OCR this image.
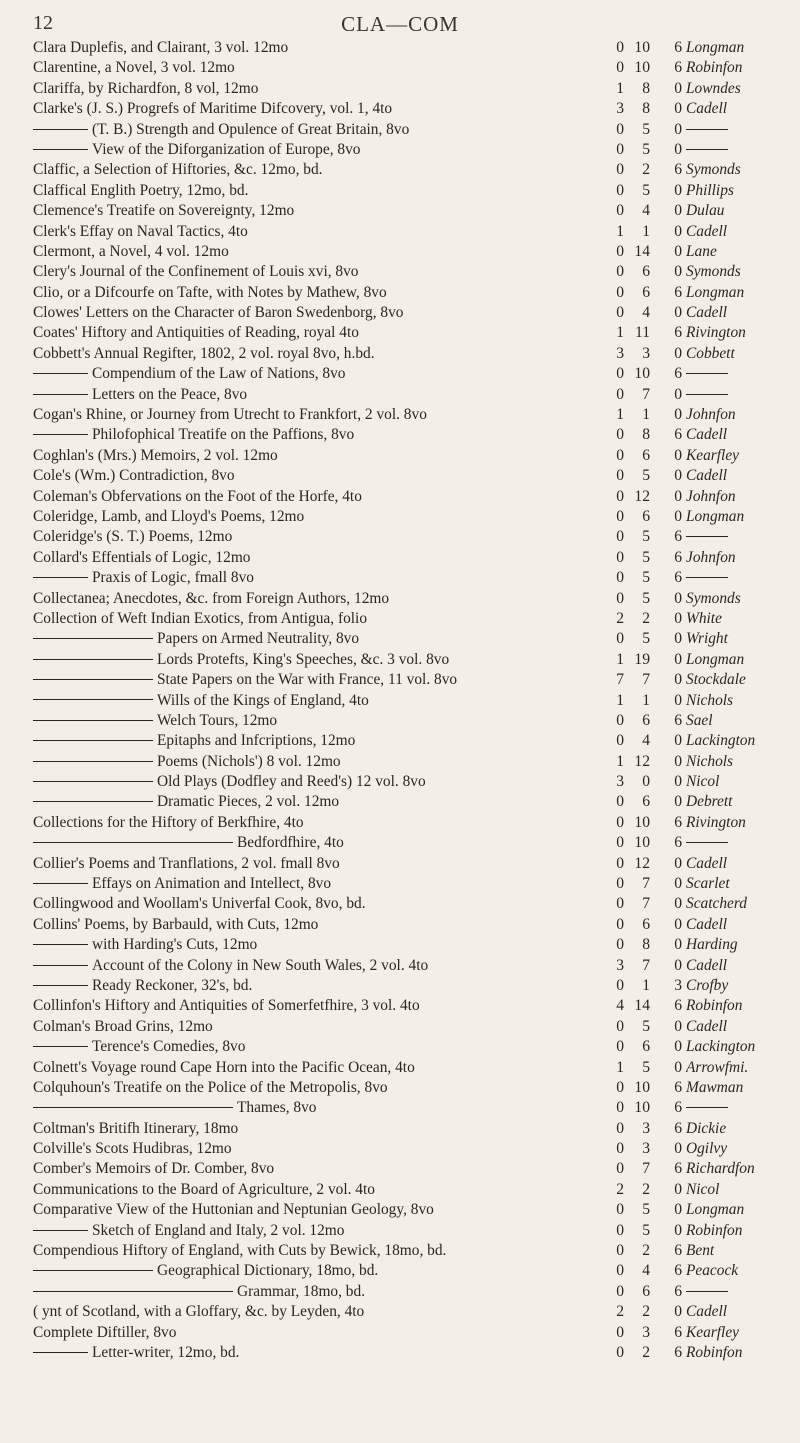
12	CLA—COM
Clara Duplefis, and Clairant, 3 vol. 12mo	0 10	6 Longman
Clarentine, a Novel, 3 vol. 12mo	0 10	6 Robinfon
Clariffa, by Richardfon, 8 vol, 12mo	1	8	0 Lowndes
Clarke's (J. S.) Progrefs of Maritime Difcovery, vol. 1, 4to	3	8	0 Cadell
(T. B.) Strength and Opulence of Great Britain, 8vo	0	5	0
View of the Diforganization of Europe, 8vo	0	5	0
Claffic, a Selection of Hiftories, &c. 12mo, bd.	0	2	6 Symonds
Claffical Englith Poetry, 12mo, bd.	0	5	0 Phillips
Clemence's Treatife on Sovereignty, 12mo	0	4	0 Dulau
Clerk's Effay on Naval Tactics, 4to	1	1	0 Cadell
Clermont, a Novel, 4 vol. 12mo	0 14	0 Lane
Clery's Journal of the Confinement of Louis xvi, 8vo	0	6	0 Symonds
Clio, or a Difcourfe on Tafte, with Notes by Mathew, 8vo	0	6	6 Longman
Clowes' Letters on the Character of Baron Swedenborg, 8vo	0	4	0 Cadell
Coates' Hiftory and Antiquities of Reading, royal 4to	1 11	6 Rivington
Cobbett's Annual Regifter, 1802, 2 vol. royal 8vo, h.bd.	3	3	0 Cobbett
Compendium of the Law of Nations, 8vo	0 10	6
Letters on the Peace, 8vo	0	7	0
Cogan's Rhine, or Journey from Utrecht to Frankfort, 2 vol. 8vo	1	1	0 Johnfon
Philofophical Treatife on the Paffions, 8vo	0	8	6 Cadell
Coghlan's (Mrs.) Memoirs, 2 vol. 12mo	0	6	0 Kearfley
Cole's (Wm.) Contradiction, 8vo	0	5	0 Cadell
Coleman's Obfervations on the Foot of the Horfe, 4to	0 12	0 Johnfon
Coleridge, Lamb, and Lloyd's Poems, 12mo	0	6	0 Longman
Coleridge's (S. T.) Poems, 12mo	0	5	6
Collard's Effentials of Logic, 12mo	0	5	6 Johnfon
Praxis of Logic, fmall 8vo	0	5	6
Collectanea; Anecdotes, &c. from Foreign Authors, 12mo	0	5	0 Symonds
Collection of Weft Indian Exotics, from Antigua, folio	2	2	0 White
Papers on Armed Neutrality, 8vo	0	5	0 Wright
Lords Protefts, King's Speeches, &c. 3 vol. 8vo	1 19	0 Longman
State Papers on the War with France, 11 vol. 8vo	7	7	0 Stockdale
Wills of the Kings of England, 4to	1	1	0 Nichols
Welch Tours, 12mo	0	6	6 Sael
Epitaphs and Infcriptions, 12mo	0	4	0 Lackington
Poems (Nichols') 8 vol. 12mo	1 12	0 Nichols
Old Plays (Dodfley and Reed's) 12 vol. 8vo	3	0	0 Nicol
Dramatic Pieces, 2 vol. 12mo	0	6	0 Debrett
Collections for the Hiftory of Berkfhire, 4to	0 10	6 Rivington
Bedfordfhire, 4to	0 10	6
Collier's Poems and Tranflations, 2 vol. fmall 8vo	0 12	0 Cadell
Effays on Animation and Intellect, 8vo	0	7	0 Scarlet
Collingwood and Woollam's Univerfal Cook, 8vo, bd.	0	7	0 Scatcherd
Collins' Poems, by Barbauld, with Cuts, 12mo	0	6	0 Cadell
with Harding's Cuts, 12mo	0	8	0 Harding
Account of the Colony in New South Wales, 2 vol. 4to	3	7	0 Cadell
Ready Reckoner, 32's, bd.	0	1	3 Crofby
Collinfon's Hiftory and Antiquities of Somerfetfhire, 3 vol. 4to	4 14	6 Robinfon
Colman's Broad Grins, 12mo	0	5	0 Cadell
Terence's Comedies, 8vo	0	6	0 Lackington
Colnett's Voyage round Cape Horn into the Pacific Ocean, 4to	1	5	0 Arrowfmi.
Colquhoun's Treatife on the Police of the Metropolis, 8vo	0 10	6 Mawman
Thames, 8vo	0 10	6
Coltman's Britifh Itinerary, 18mo	0	3	6 Dickie
Colville's Scots Hudibras, 12mo	0	3	0 Ogilvy
Comber's Memoirs of Dr. Comber, 8vo	0	7	6 Richardfon
Communications to the Board of Agriculture, 2 vol. 4to	2	2	0 Nicol
Comparative View of the Huttonian and Neptunian Geology, 8vo	0	5	0 Longman
Sketch of England and Italy, 2 vol. 12mo	0	5	0 Robinfon
Compendious Hiftory of England, with Cuts by Bewick, 18mo, bd.	0	2	6 Bent
Geographical Dictionary, 18mo, bd.	0	4	6 Peacock
Grammar, 18mo, bd.	0	6	6
( ynt of Scotland, with a Gloffary, &c. by Leyden, 4to	2	2	0 Cadell
Complete Diftiller, 8vo	0	3	6 Kearfley
Letter-writer, 12mo, bd.	0	2	6 Robinfon
